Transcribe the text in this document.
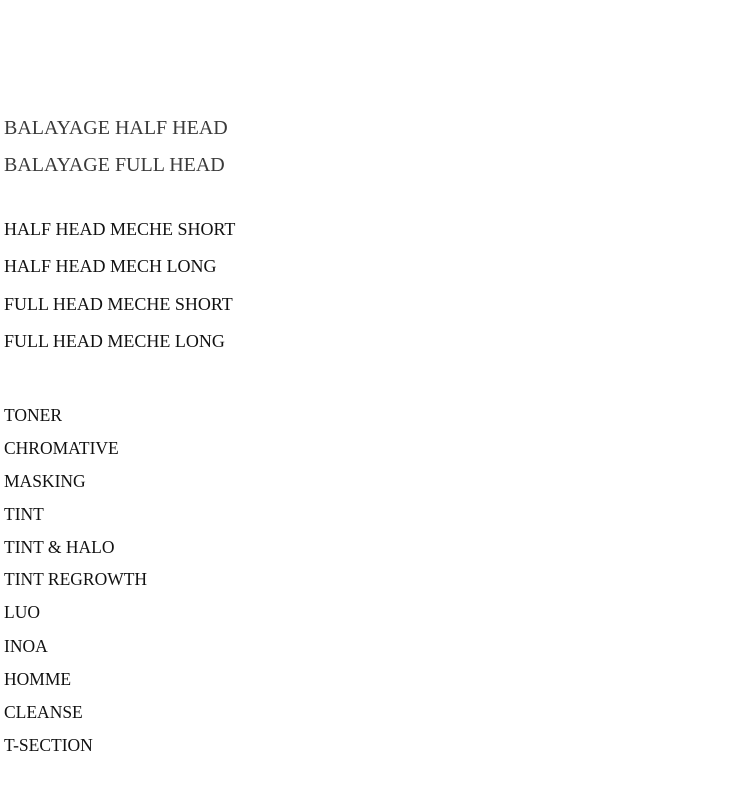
BALAYAGE HALF HEAD
BALAYAGE FULL HEAD
HALF HEAD MECHE SHORT
HALF HEAD MECH LONG
FULL HEAD MECHE SHORT
FULL HEAD MECHE LONG
TONER
CHROMATIVE
MASKING
TINT
TINT & HALO
TINT REGROWTH
LUO
INOA
HOMME
CLEANSE
T-SECTION
